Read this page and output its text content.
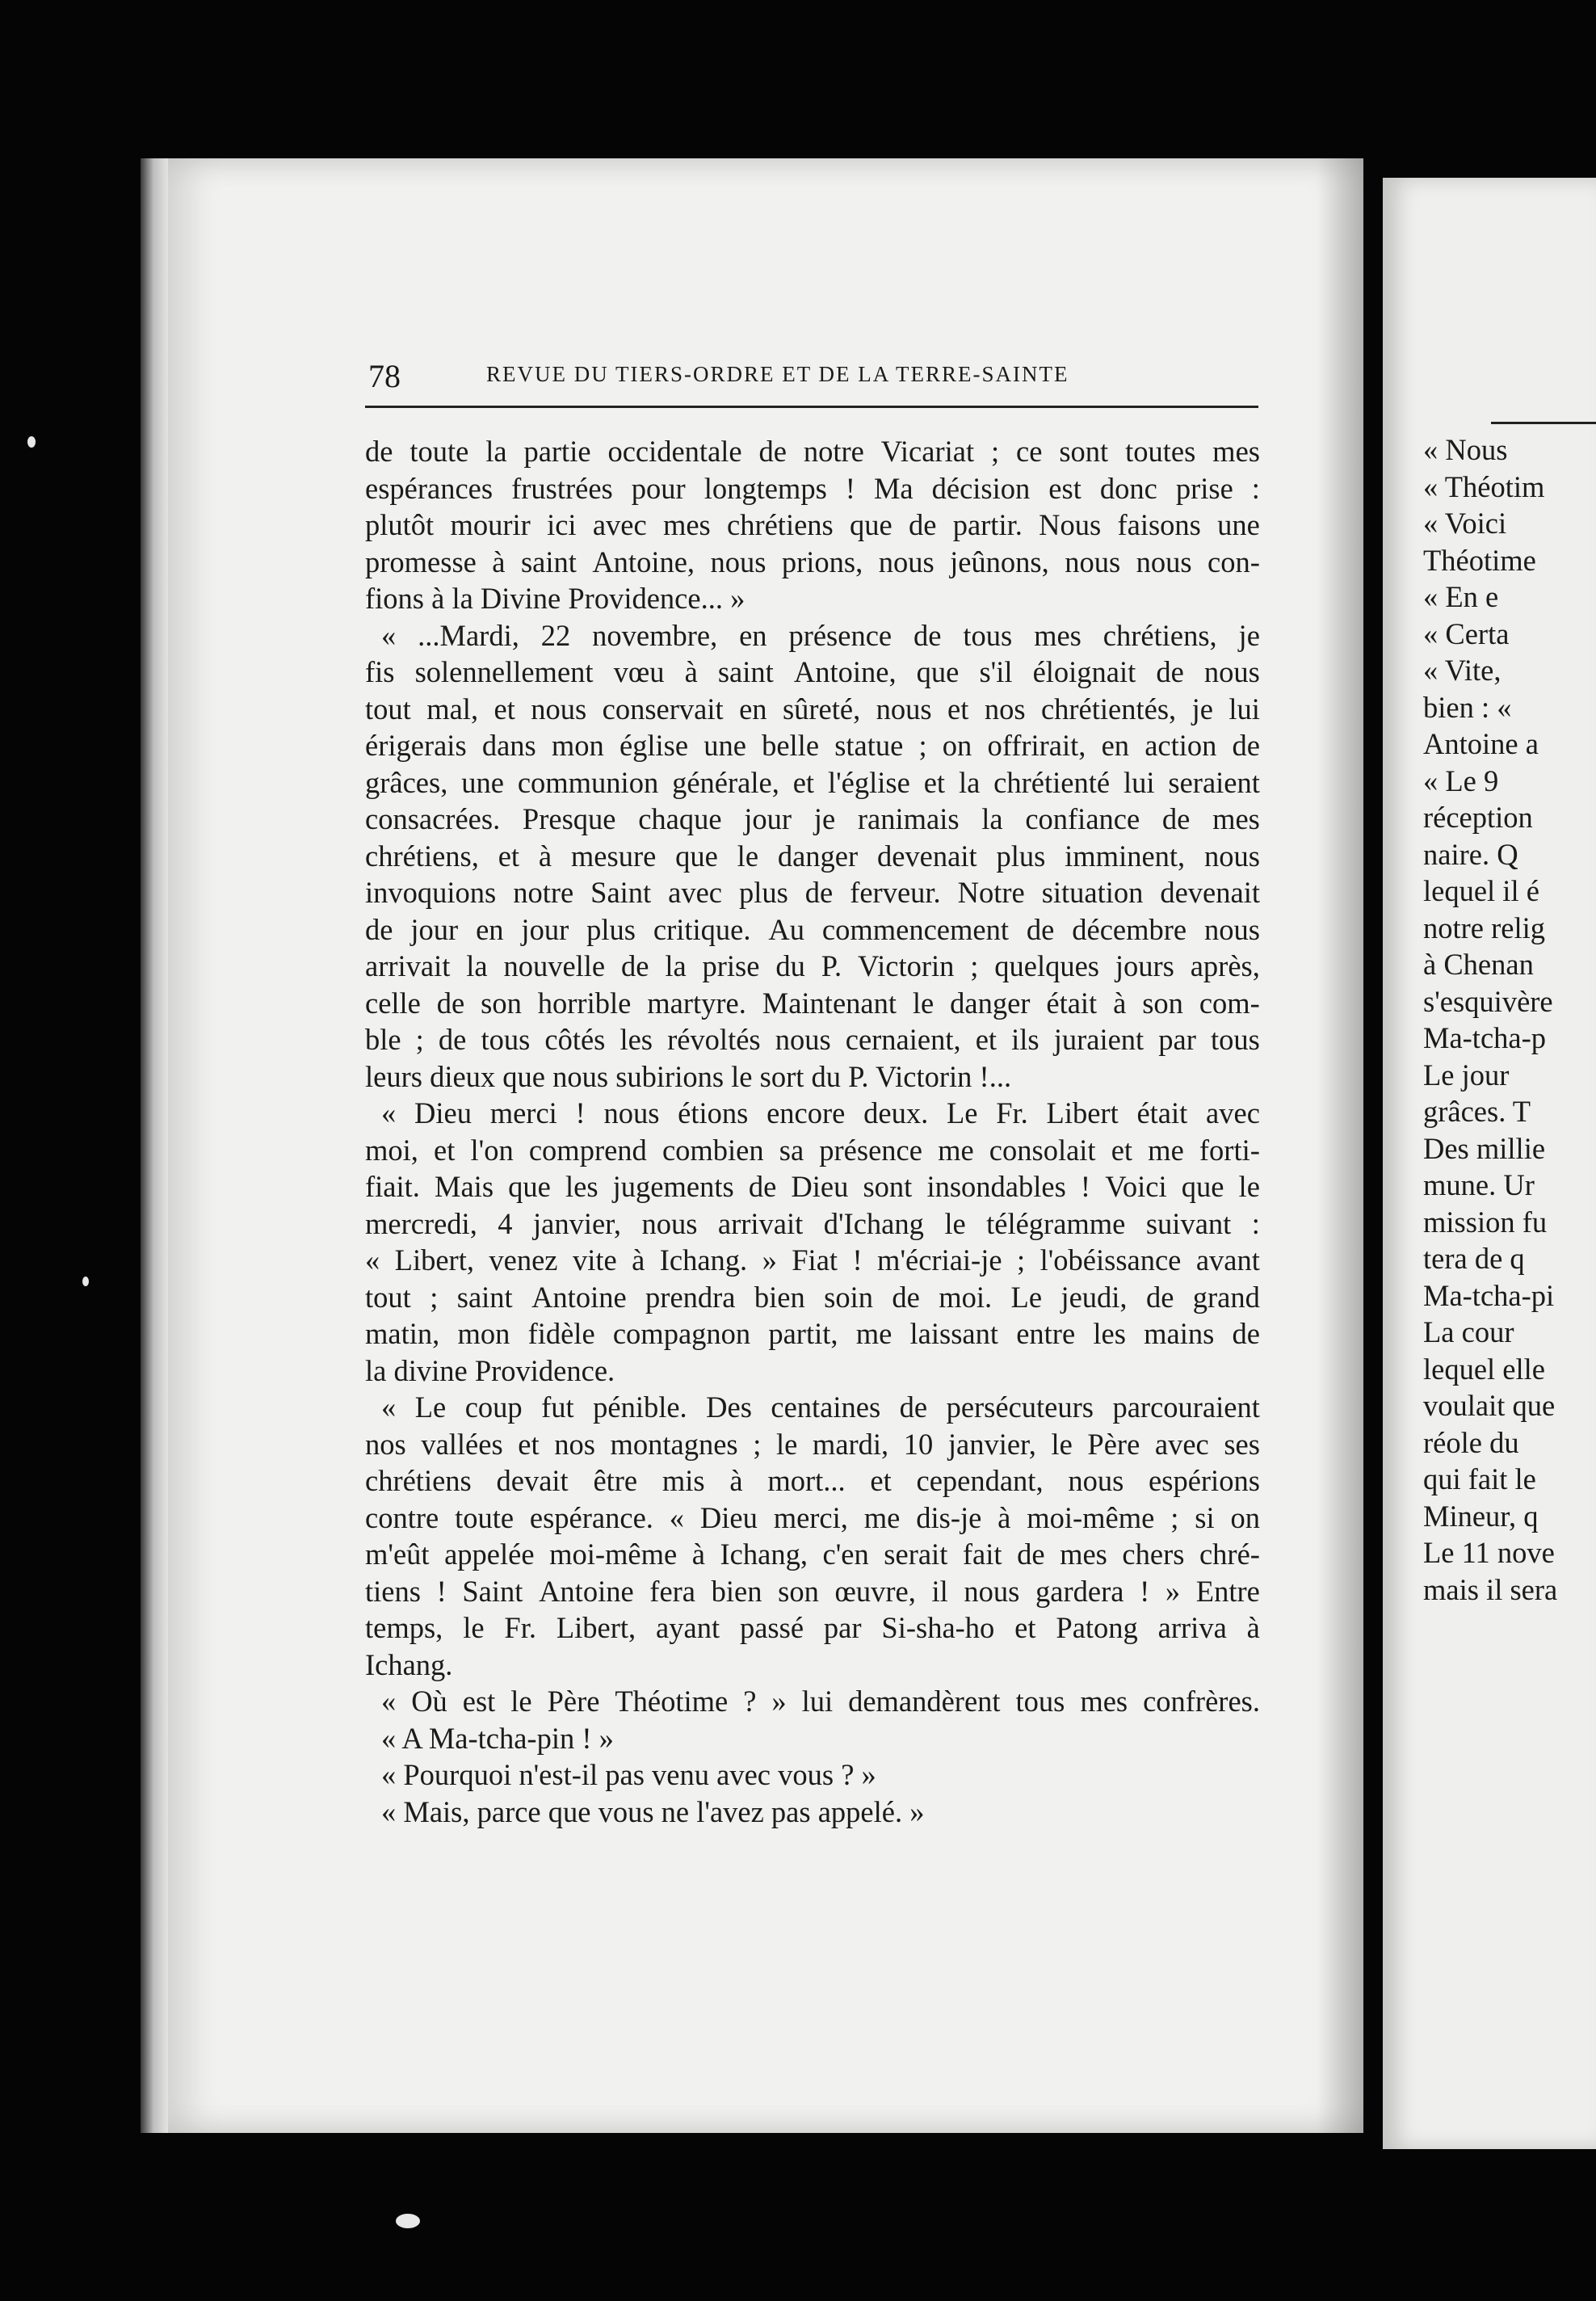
78	REVUE DU TIERS-ORDRE ET DE LA TERRE-SAINTE
de toute la partie occidentale de notre Vicariat ; ce sont toutes mes
espérances frustrées pour longtemps ! Ma décision est donc prise :
plutôt mourir ici avec mes chrétiens que de partir. Nous faisons une
promesse à saint Antoine, nous prions, nous jeûnons, nous nous con-
fions à la Divine Providence... »
« ...Mardi, 22 novembre, en présence de tous mes chrétiens, je
fis solennellement vœu à saint Antoine, que s'il éloignait de nous
tout mal, et nous conservait en sûreté, nous et nos chrétientés, je lui
érigerais dans mon église une belle statue ; on offrirait, en action de
grâces, une communion générale, et l'église et la chrétienté lui seraient
consacrées. Presque chaque jour je ranimais la confiance de mes
chrétiens, et à mesure que le danger devenait plus imminent, nous
invoquions notre Saint avec plus de ferveur. Notre situation devenait
de jour en jour plus critique. Au commencement de décembre nous
arrivait la nouvelle de la prise du P. Victorin ; quelques jours après,
celle de son horrible martyre. Maintenant le danger était à son com-
ble ; de tous côtés les révoltés nous cernaient, et ils juraient par tous
leurs dieux que nous subirions le sort du P. Victorin !...
« Dieu merci ! nous étions encore deux. Le Fr. Libert était avec
moi, et l'on comprend combien sa présence me consolait et me forti-
fiait. Mais que les jugements de Dieu sont insondables ! Voici que le
mercredi, 4 janvier, nous arrivait d'Ichang le télégramme suivant :
« Libert, venez vite à Ichang. » Fiat ! m'écriai-je ; l'obéissance avant
tout ; saint Antoine prendra bien soin de moi. Le jeudi, de grand
matin, mon fidèle compagnon partit, me laissant entre les mains de
la divine Providence.
« Le coup fut pénible. Des centaines de persécuteurs parcouraient
nos vallées et nos montagnes ; le mardi, 10 janvier, le Père avec ses
chrétiens devait être mis à mort... et cependant, nous espérions
contre toute espérance. « Dieu merci, me dis-je à moi-même ; si on
m'eût appelée moi-même à Ichang, c'en serait fait de mes chers chré-
tiens ! Saint Antoine fera bien son œuvre, il nous gardera ! » Entre
temps, le Fr. Libert, ayant passé par Si-sha-ho et Patong arriva à
Ichang.
« Où est le Père Théotime ? » lui demandèrent tous mes confrères.
« A Ma-tcha-pin ! »
« Pourquoi n'est-il pas venu avec vous ? »
« Mais, parce que vous ne l'avez pas appelé. »
« Nous
« Théotim
« Voici
Théotime
« En e
« Certa
« Vite,
bien : «
Antoine a
« Le 9
réception
naire. Q
lequel il é
notre relig
à Chenan
s'esquivère
Ma-tcha-p
Le jour
grâces. T
Des millie
mune. Ur
mission fu
tera de q
Ma-tcha-pi
La cour
lequel elle
voulait que
réole du
qui fait le
Mineur, q
Le 11 nove
mais il sera
